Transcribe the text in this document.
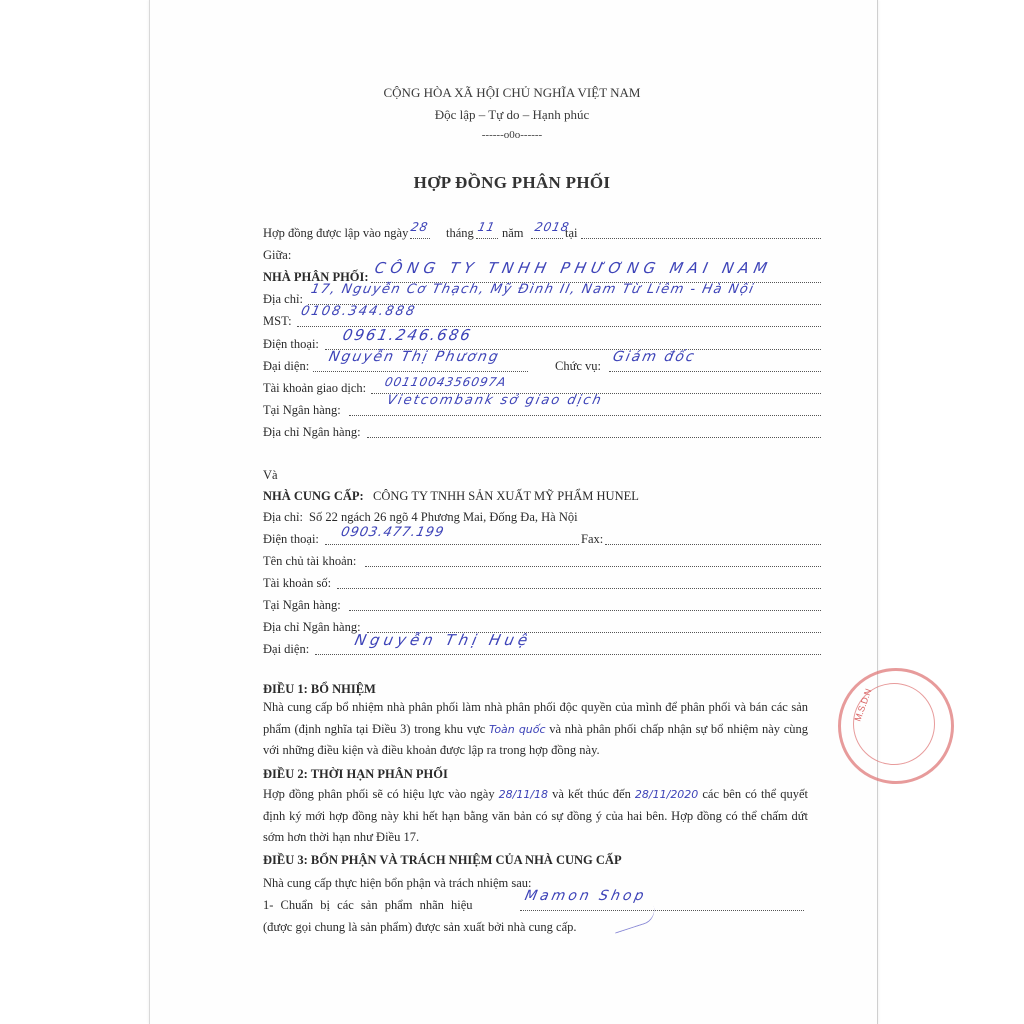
CỘNG HÒA XÃ HỘI CHỦ NGHĨA VIỆT NAM
Độc lập – Tự do – Hạnh phúc
------o0o------
HỢP ĐỒNG PHÂN PHỐI
Hợp đồng được lập vào ngày 28 tháng 11 năm 2018
tại
Giữa:
NHÀ PHÂN PHỐI: CÔNG TY TNHH PHƯƠNG MAI NAM
Địa chỉ:
17, Nguyễn Cơ Thạch, Mỹ Đình II, Nam Từ Liêm - Hà Nội
MST:
0108.344.888
Điện thoại: 0961.246.686
Đại diện:
Nguyễn Thị Phương
Chức vụ:
Giám đốc
Tài khoản giao dịch: 0011004356097A
Tại Ngân hàng:
Vietcombank sở giao dịch
Địa chỉ Ngân hàng:
Và
NHÀ CUNG CẤP: CÔNG TY TNHH SẢN XUẤT MỸ PHẨM HUNEL
Địa chỉ: Số 22 ngách 26 ngõ 4 Phương Mai, Đống Đa, Hà Nội
Điện thoại: 0903.477.199	Fax:
Tên chủ tài khoản:
Tài khoản số:
Tại Ngân hàng:
Địa chỉ Ngân hàng:
Đại diện:	Nguyễn Thị Huệ
ĐIỀU 1: BỔ NHIỆM
Nhà cung cấp bổ nhiệm nhà phân phối làm nhà phân phối độc quyền của mình để phân phối và bán các sản phẩm (định nghĩa tại Điều 3) trong khu vực Toàn quốc và nhà phân phối chấp nhận sự bổ nhiệm này cùng với những điều kiện và điều khoản được lập ra trong hợp đồng này.
ĐIỀU 2: THỜI HẠN PHÂN PHỐI
Hợp đồng phân phối sẽ có hiệu lực vào ngày 28/11/18 và kết thúc đến 28/11/2020 các bên có thể quyết định ký mới hợp đồng này khi hết hạn bằng văn bản có sự đồng ý của hai bên. Hợp đồng có thể chấm dứt sớm hơn thời hạn như Điều 17.
ĐIỀU 3: BỔN PHẬN VÀ TRÁCH NHIỆM CỦA NHÀ CUNG CẤP
Nhà cung cấp thực hiện bổn phận và trách nhiệm sau:
1- Chuẩn bị các sản phẩm nhãn hiệu
Mamon Shop
(được gọi chung là sản phẩm) được sản xuất bởi nhà cung cấp.
M.S.D.N
